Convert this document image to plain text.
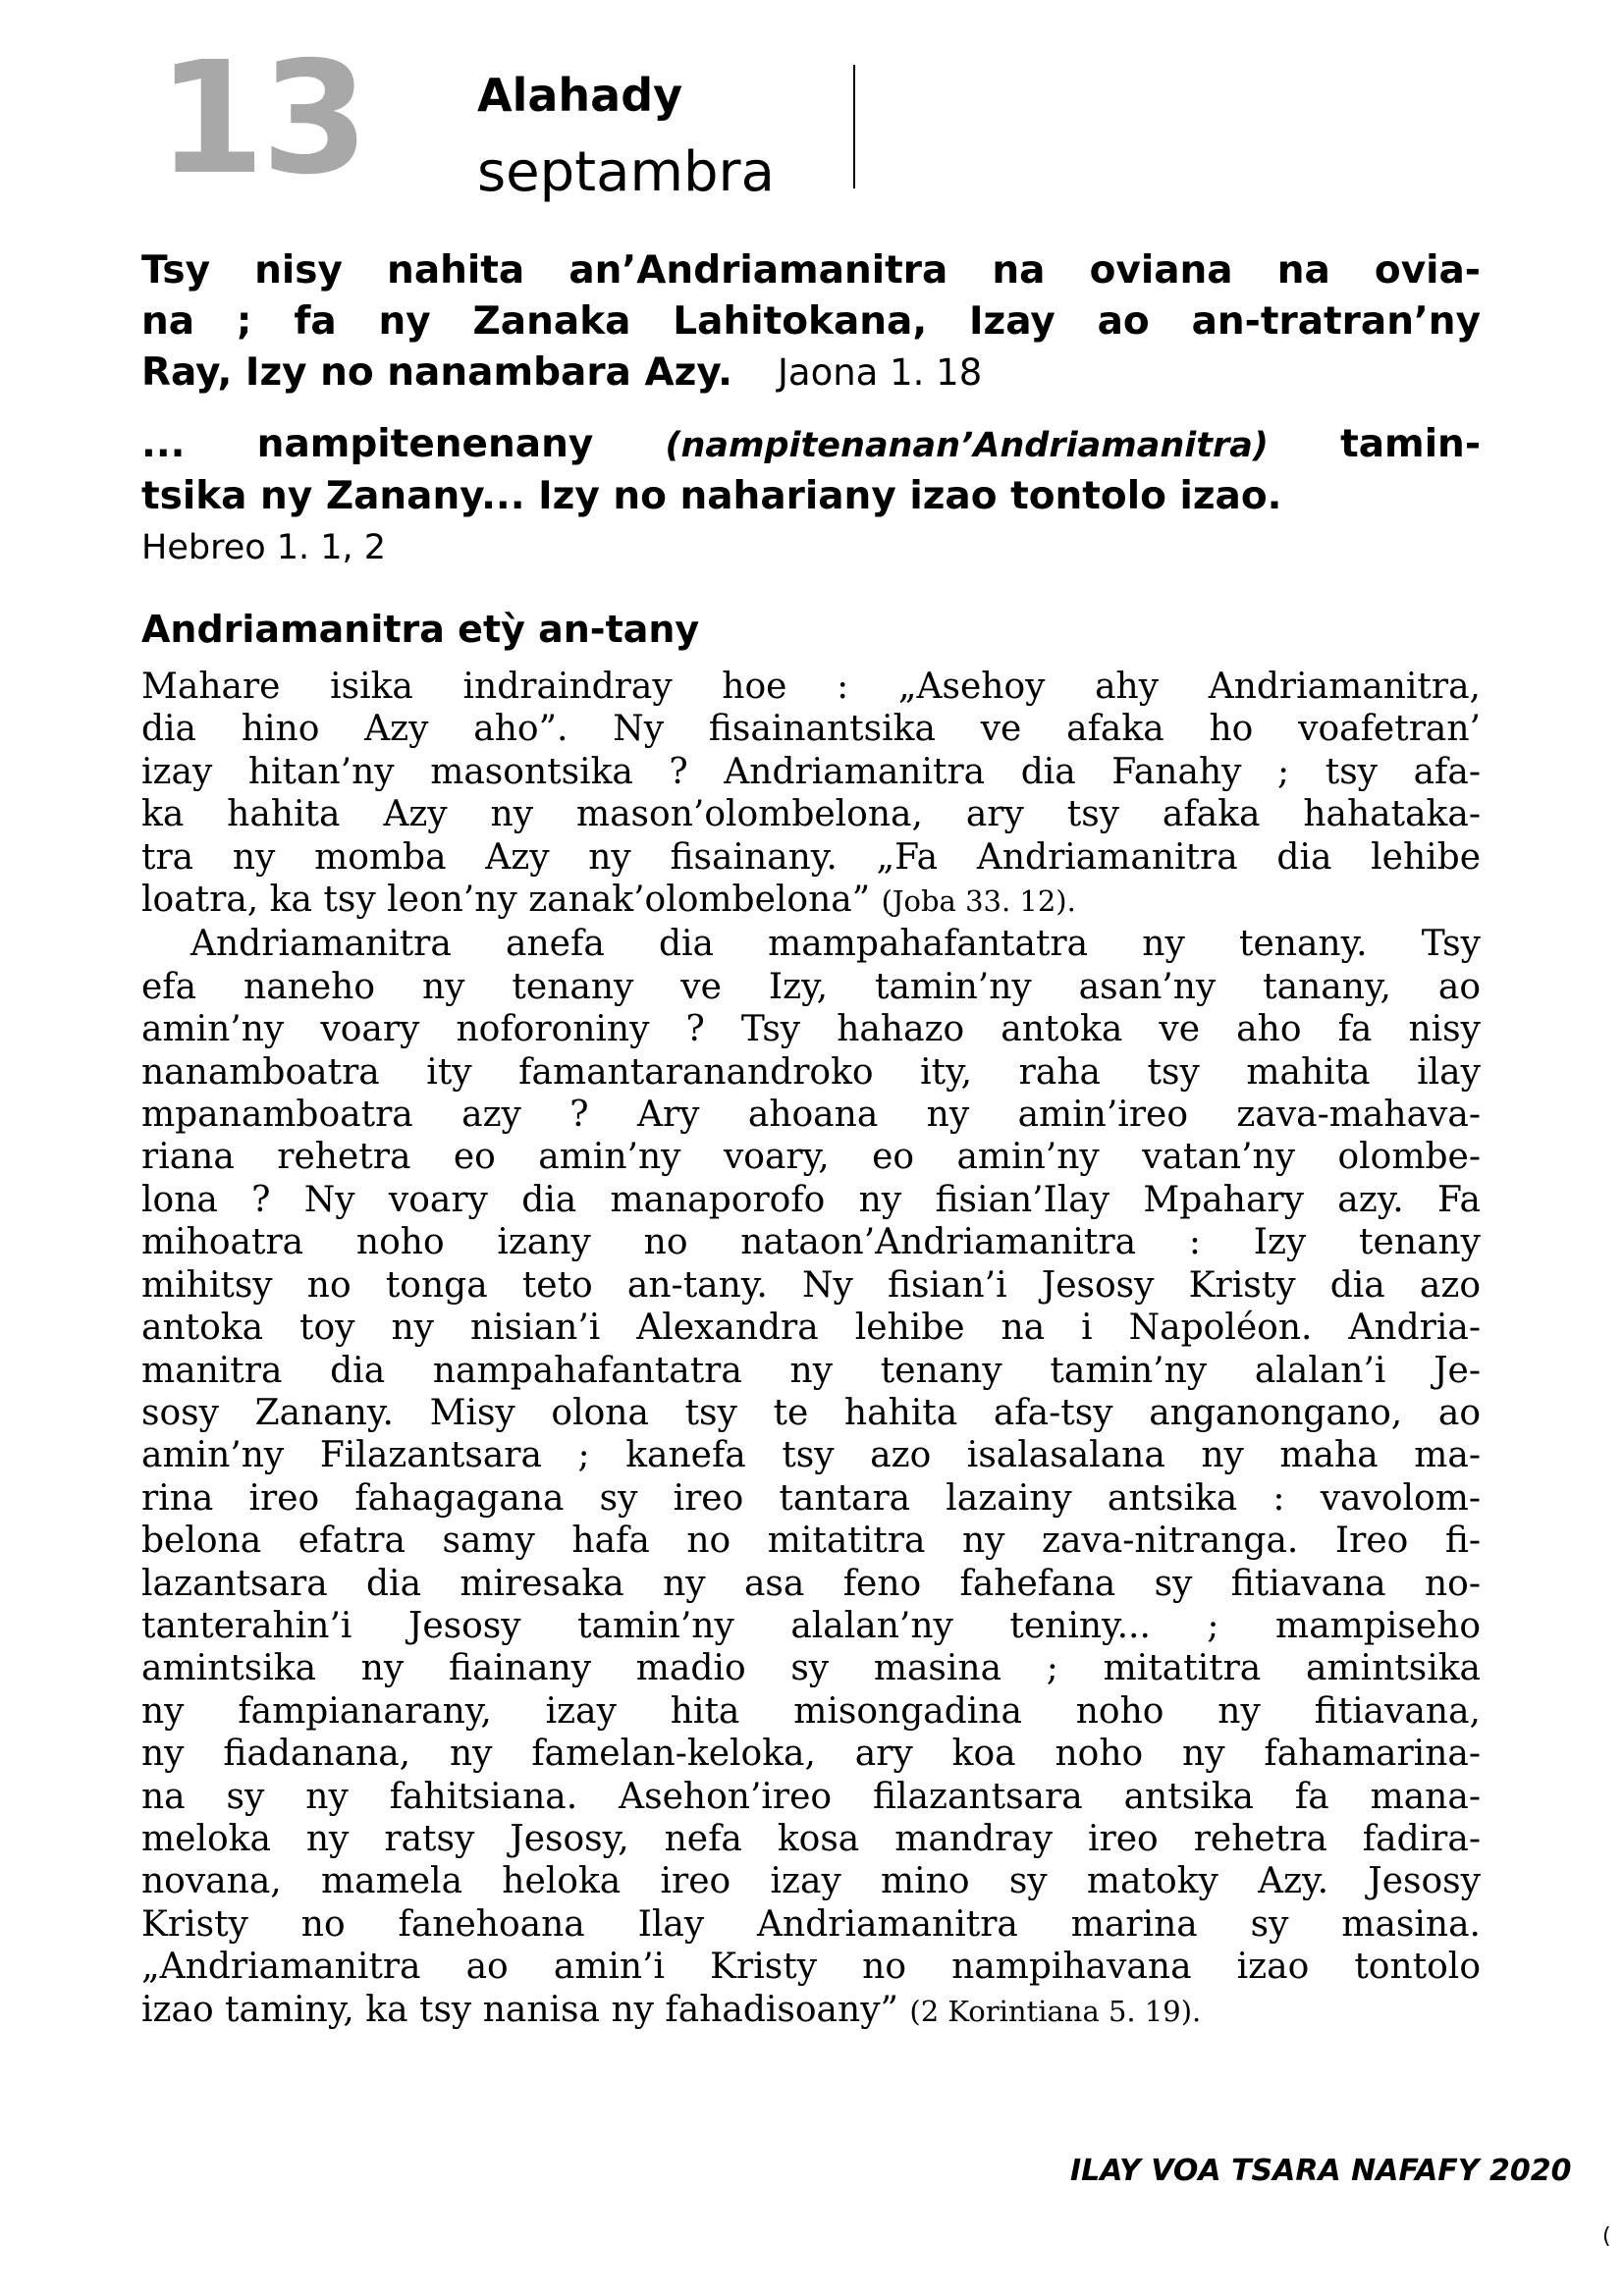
13 Alahady
septambra
Tsy nisy nahita an’Andriamanitra na oviana na ovia-
na ; fa ny Zanaka Lahitokana, Izay ao an-tratran’ny
Ray, Izy no nanambara Azy. Jaona 1. 18
... nampitenenany (nampitenanan’Andriamanitra) tamin-
tsika ny Zanany... Izy no nahariany izao tontolo izao.
Hebreo 1. 1, 2
Andriamanitra etỳ an-tany
Mahare isika indraindray hoe : „Asehoy ahy Andriamanitra,
dia hino Azy aho”. Ny fisainantsika ve afaka ho voafetran’
izay hitan’ny masontsika ? Andriamanitra dia Fanahy ; tsy afa-
ka hahita Azy ny mason’olombelona, ary tsy afaka hahataka-
tra ny momba Azy ny fisainany. „Fa Andriamanitra dia lehibe
loatra, ka tsy leon’ny zanak’olombelona” (Joba 33. 12).
Andriamanitra anefa dia mampahafantatra ny tenany. Tsy
efa naneho ny tenany ve Izy, tamin’ny asan’ny tanany, ao
amin’ny voary noforoniny ? Tsy hahazo antoka ve aho fa nisy
nanamboatra ity famantaranandroko ity, raha tsy mahita ilay
mpanamboatra azy ? Ary ahoana ny amin’ireo zava-mahava-
riana rehetra eo amin’ny voary, eo amin’ny vatan’ny olombe-
lona ? Ny voary dia manaporofo ny fisian’Ilay Mpahary azy. Fa
mihoatra noho izany no nataon’Andriamanitra : Izy tenany
mihitsy no tonga teto an-tany. Ny fisian’i Jesosy Kristy dia azo
antoka toy ny nisian’i Alexandra lehibe na i Napoléon. Andria-
manitra dia nampahafantatra ny tenany tamin’ny alalan’i Je-
sosy Zanany. Misy olona tsy te hahita afa-tsy anganongano, ao
amin’ny Filazantsara ; kanefa tsy azo isalasalana ny maha ma-
rina ireo fahagagana sy ireo tantara lazainy antsika : vavolom-
belona efatra samy hafa no mitatitra ny zava-nitranga. Ireo fi-
lazantsara dia miresaka ny asa feno fahefana sy fitiavana no-
tanterahin’i Jesosy tamin’ny alalan’ny teniny... ; mampiseho
amintsika ny fiainany madio sy masina ; mitatitra amintsika
ny fampianarany, izay hita misongadina noho ny fitiavana,
ny fiadanana, ny famelan-keloka, ary koa noho ny fahamarina-
na sy ny fahitsiana. Asehon’ireo filazantsara antsika fa mana-
meloka ny ratsy Jesosy, nefa kosa mandray ireo rehetra fadira-
novana, mamela heloka ireo izay mino sy matoky Azy. Jesosy
Kristy no fanehoana Ilay Andriamanitra marina sy masina.
„Andriamanitra ao amin’i Kristy no nampihavana izao tontolo
izao taminy, ka tsy nanisa ny fahadisoany” (2 Korintiana 5. 19).
ILAY VOA TSARA NAFAFY 2020
(
